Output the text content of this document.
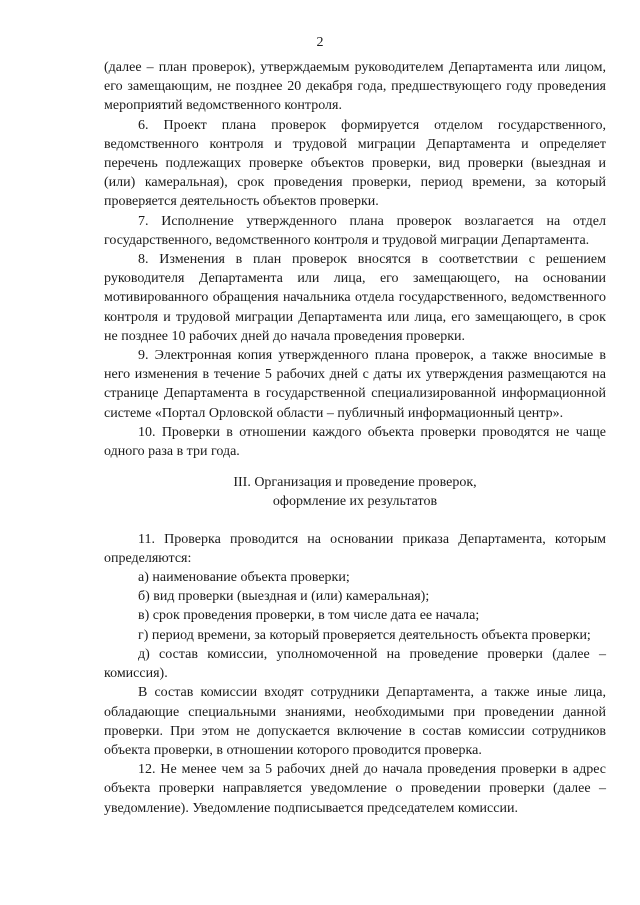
2

(далее – план проверок), утверждаемым руководителем Департамента или лицом, его замещающим, не позднее 20 декабря года, предшествующего году проведения мероприятий ведомственного контроля.

6. Проект плана проверок формируется отделом государственного, ведомственного контроля и трудовой миграции Департамента и определяет перечень подлежащих проверке объектов проверки, вид проверки (выездная и (или) камеральная), срок проведения проверки, период времени, за который проверяется деятельность объектов проверки.

7. Исполнение утвержденного плана проверок возлагается на отдел государственного, ведомственного контроля и трудовой миграции Департамента.

8. Изменения в план проверок вносятся в соответствии с решением руководителя Департамента или лица, его замещающего, на основании мотивированного обращения начальника отдела государственного, ведомственного контроля и трудовой миграции Департамента или лица, его замещающего, в срок не позднее 10 рабочих дней до начала проведения проверки.

9. Электронная копия утвержденного плана проверок, а также вносимые в него изменения в течение 5 рабочих дней с даты их утверждения размещаются на странице Департамента в государственной специализированной информационной системе «Портал Орловской области – публичный информационный центр».

10. Проверки в отношении каждого объекта проверки проводятся не чаще одного раза в три года.

III. Организация и проведение проверок,
оформление их результатов

11. Проверка проводится на основании приказа Департамента, которым определяются:

а) наименование объекта проверки;

б) вид проверки (выездная и (или) камеральная);

в) срок проведения проверки, в том числе дата ее начала;

г) период времени, за который проверяется деятельность объекта проверки;

д) состав комиссии, уполномоченной на проведение проверки (далее – комиссия).

В состав комиссии входят сотрудники Департамента, а также иные лица, обладающие специальными знаниями, необходимыми при проведении данной проверки. При этом не допускается включение в состав комиссии сотрудников объекта проверки, в отношении которого проводится проверка.

12. Не менее чем за 5 рабочих дней до начала проведения проверки в адрес объекта проверки направляется уведомление о проведении проверки (далее – уведомление). Уведомление подписывается председателем комиссии.
